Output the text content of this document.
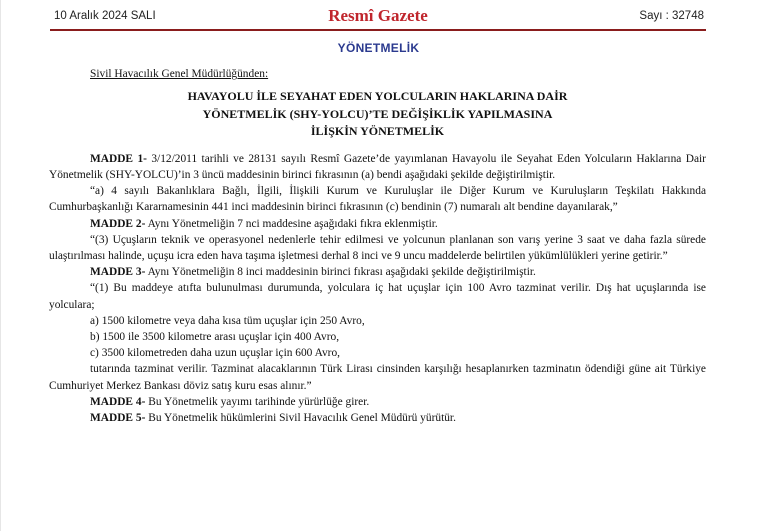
10 Aralık 2024 SALI	Resmî Gazete	Sayı : 32748
YÖNETMELİK
Sivil Havacılık Genel Müdürlüğünden:
HAVAYOLU İLE SEYAHAT EDEN YOLCULARIN HAKLARINA DAİR
YÖNETMELİK (SHY-YOLCU)’TE DEĞİŞİKLİK YAPILMASINA
İLİŞKİN YÖNETMELİK
MADDE 1- 3/12/2011 tarihli ve 28131 sayılı Resmî Gazete’de yayımlanan Havayolu ile Seyahat Eden Yolcuların Haklarına Dair Yönetmelik (SHY-YOLCU)’in 3 üncü maddesinin birinci fıkrasının (a) bendi aşağıdaki şekilde değiştirilmiştir.
“a) 4 sayılı Bakanlıklara Bağlı, İlgili, İlişkili Kurum ve Kuruluşlar ile Diğer Kurum ve Kuruluşların Teşkilatı Hakkında Cumhurbaşkanlığı Kararnamesinin 441 inci maddesinin birinci fıkrasının (c) bendinin (7) numaralı alt bendine dayanılarak,”
MADDE 2- Aynı Yönetmeliğin 7 nci maddesine aşağıdaki fıkra eklenmiştir.
“(3) Uçuşların teknik ve operasyonel nedenlerle tehir edilmesi ve yolcunun planlanan son varış yerine 3 saat ve daha fazla sürede ulaştırılması halinde, uçuşu icra eden hava taşıma işletmesi derhal 8 inci ve 9 uncu maddelerde belirtilen yükümlülükleri yerine getirir.”
MADDE 3- Aynı Yönetmeliğin 8 inci maddesinin birinci fıkrası aşağıdaki şekilde değiştirilmiştir.
“(1) Bu maddeye atıfta bulunulması durumunda, yolculara iç hat uçuşlar için 100 Avro tazminat verilir. Dış hat uçuşlarında ise yolculara;
a) 1500 kilometre veya daha kısa tüm uçuşlar için 250 Avro,
b) 1500 ile 3500 kilometre arası uçuşlar için 400 Avro,
c) 3500 kilometreden daha uzun uçuşlar için 600 Avro,
tutarında tazminat verilir. Tazminat alacaklarının Türk Lirası cinsinden karşılığı hesaplanırken tazminatın ödendiği güne ait Türkiye Cumhuriyet Merkez Bankası döviz satış kuru esas alınır.”
MADDE 4- Bu Yönetmelik yayımı tarihinde yürürlüğe girer.
MADDE 5- Bu Yönetmelik hükümlerini Sivil Havacılık Genel Müdürü yürütür.
